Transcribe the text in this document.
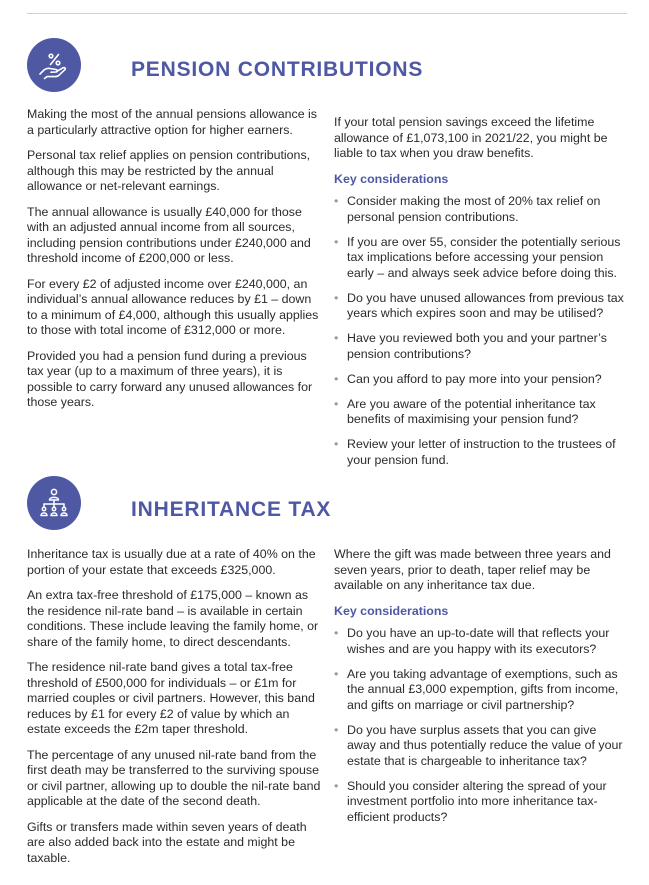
PENSION CONTRIBUTIONS

Making the most of the annual pensions allowance is a particularly attractive option for higher earners.

Personal tax relief applies on pension contributions, although this may be restricted by the annual allowance or net-relevant earnings.

The annual allowance is usually £40,000 for those with an adjusted annual income from all sources, including pension contributions under £240,000 and threshold income of £200,000 or less.

For every £2 of adjusted income over £240,000, an individual’s annual allowance reduces by £1 – down to a minimum of £4,000, although this usually applies to those with total income of £312,000 or more.

Provided you had a pension fund during a previous tax year (up to a maximum of three years), it is possible to carry forward any unused allowances for those years.

If your total pension savings exceed the lifetime allowance of £1,073,100 in 2021/22, you might be liable to tax when you draw benefits.

Key considerations
• Consider making the most of 20% tax relief on personal pension contributions.
• If you are over 55, consider the potentially serious tax implications before accessing your pension early – and always seek advice before doing this.
• Do you have unused allowances from previous tax years which expires soon and may be utilised?
• Have you reviewed both you and your partner’s pension contributions?
• Can you afford to pay more into your pension?
• Are you aware of the potential inheritance tax benefits of maximising your pension fund?
• Review your letter of instruction to the trustees of your pension fund.
INHERITANCE TAX

Inheritance tax is usually due at a rate of 40% on the portion of your estate that exceeds £325,000.

An extra tax-free threshold of £175,000 – known as the residence nil-rate band – is available in certain conditions. These include leaving the family home, or share of the family home, to direct descendants.

The residence nil-rate band gives a total tax-free threshold of £500,000 for individuals – or £1m for married couples or civil partners. However, this band reduces by £1 for every £2 of value by which an estate exceeds the £2m taper threshold.

The percentage of any unused nil-rate band from the first death may be transferred to the surviving spouse or civil partner, allowing up to double the nil-rate band applicable at the date of the second death.

Gifts or transfers made within seven years of death are also added back into the estate and might be taxable.

Where the gift was made between three years and seven years, prior to death, taper relief may be available on any inheritance tax due.

Key considerations
• Do you have an up-to-date will that reflects your wishes and are you happy with its executors?
• Are you taking advantage of exemptions, such as the annual £3,000 expemption, gifts from income, and gifts on marriage or civil partnership?
• Do you have surplus assets that you can give away and thus potentially reduce the value of your estate that is chargeable to inheritance tax?
• Should you consider altering the spread of your investment portfolio into more inheritance tax-efficient products?
